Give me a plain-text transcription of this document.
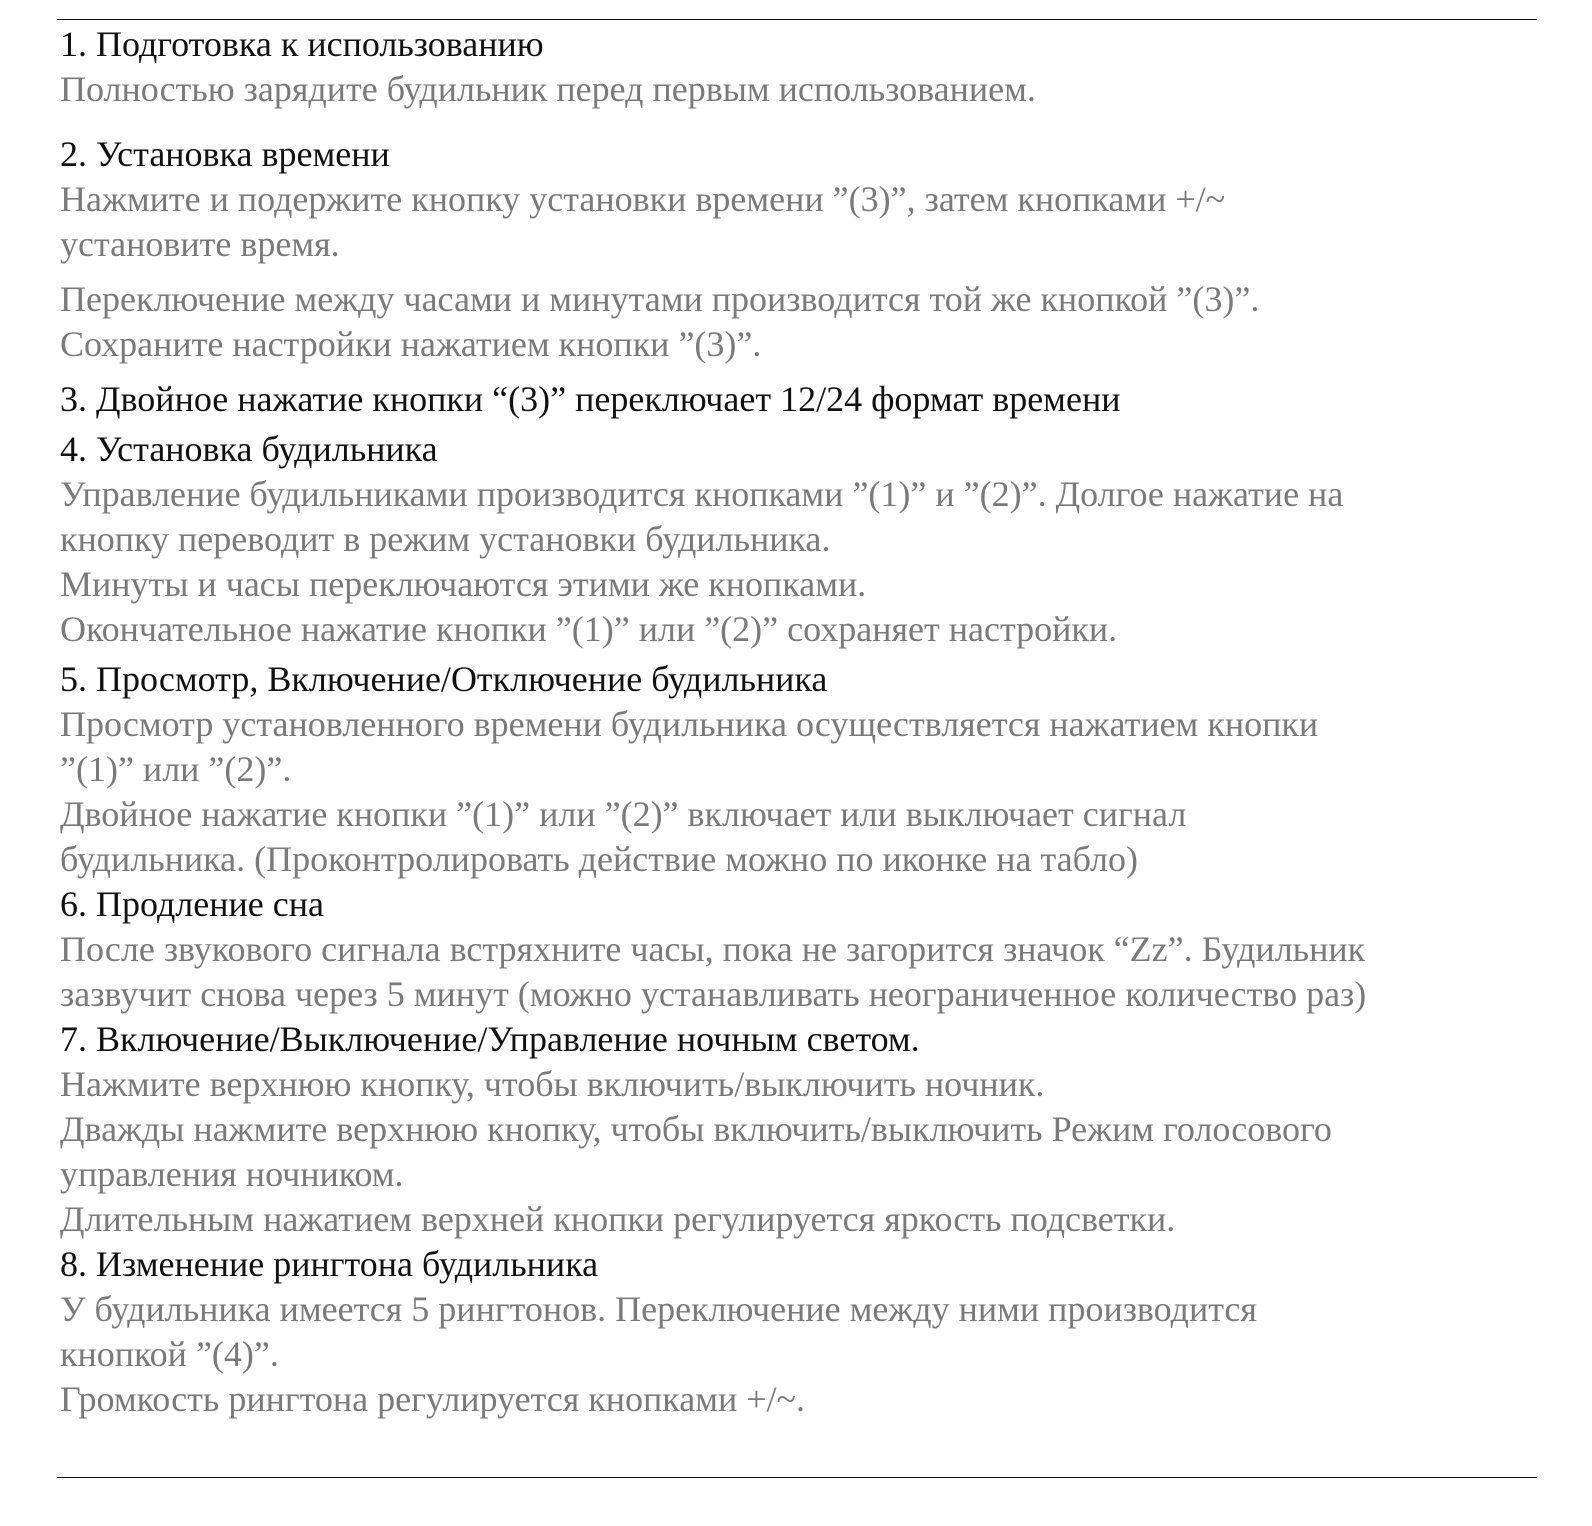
1. Подготовка к использованию

Полностью зарядите будильник перед первым использованием.

2. Установка времени

Нажмите и подержите кнопку установки времени ”(3)”, затем кнопками +/~

установите время.

Переключение между часами и минутами производится той же кнопкой ”(3)”.

Сохраните настройки нажатием кнопки ”(3)”.

3. Двойное нажатие кнопки “(3)” переключает 12/24 формат времени

4. Установка будильника

Управление будильниками производится кнопками ”(1)” и ”(2)”. Долгое нажатие на

кнопку переводит в режим установки будильника.

Минуты и часы переключаются этими же кнопками.

Окончательное нажатие кнопки ”(1)” или ”(2)” сохраняет настройки.

5. Просмотр, Включение/Отключение будильника

Просмотр установленного времени будильника осуществляется нажатием кнопки

”(1)” или ”(2)”.

Двойное нажатие кнопки ”(1)” или ”(2)” включает или выключает сигнал

будильника. (Проконтролировать действие можно по иконке на табло)

6. Продление сна

После звукового сигнала встряхните часы, пока не загорится значок “Zz”. Будильник

зазвучит снова через 5 минут (можно устанавливать неограниченное количество раз)

7. Включение/Выключение/Управление ночным светом.

Нажмите верхнюю кнопку, чтобы включить/выключить ночник.

Дважды нажмите верхнюю кнопку, чтобы включить/выключить Режим голосового

управления ночником.

Длительным нажатием верхней кнопки регулируется яркость подсветки.

8. Изменение рингтона будильника

У будильника имеется 5 рингтонов. Переключение между ними производится

кнопкой ”(4)”.

Громкость рингтона регулируется кнопками +/~.
